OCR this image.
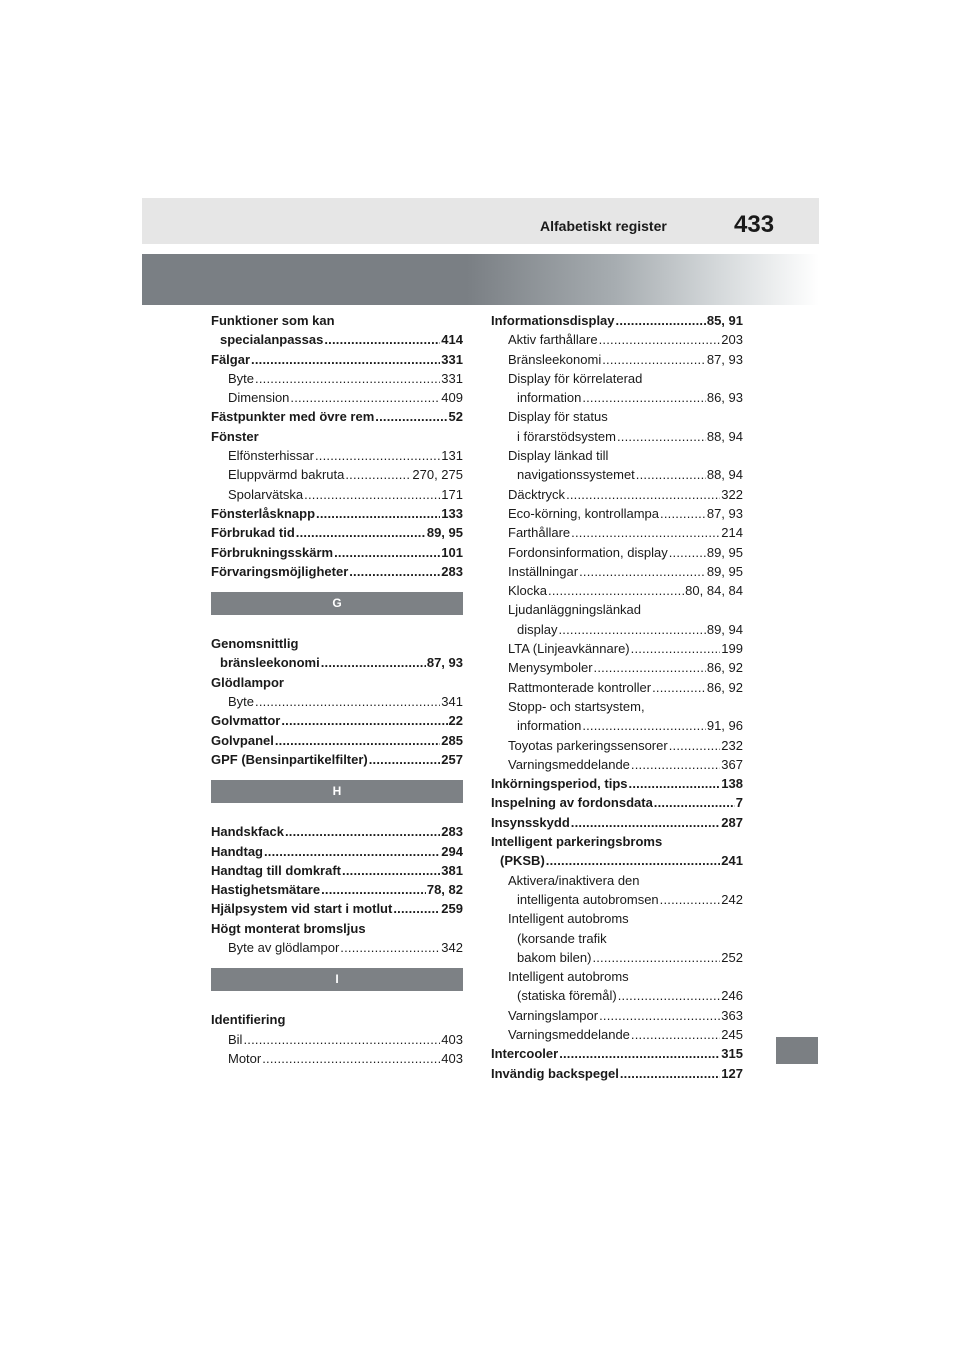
Alfabetiskt register	433
Funktioner som kan
specialanpassas .....	414
Fälgar .....	331
Byte .....	331
Dimension .....	409
Fästpunkter med övre rem .....	52
Fönster
Elfönsterhissar .....	131
Eluppvärmd bakruta .....	270, 275
Spolarvätska .....	171
Fönsterlåsknapp .....	133
Förbrukad tid .....	89, 95
Förbrukningsskärm .....	101
Förvaringsmöjligheter .....	283
G
Genomsnittlig
bränsleekonomi .....	87, 93
Glödlampor
Byte .....	341
Golvmattor .....	22
Golvpanel .....	285
GPF (Bensinpartikelfilter) .....	257
H
Handskfack .....	283
Handtag .....	294
Handtag till domkraft .....	381
Hastighetsmätare .....	78, 82
Hjälpsystem vid start i motlut .....	259
Högt monterat bromsljus
Byte av glödlampor .....	342
I
Identifiering
Bil .....	403
Motor .....	403
Informationsdisplay .....	85, 91
Aktiv farthållare .....	203
Bränsleekonomi .....	87, 93
Display för körrelaterad
information .....	86, 93
Display för status
i förarstödsystem .....	88, 94
Display länkad till
navigationssystemet .....	88, 94
Däcktryck .....	322
Eco-körning, kontrollampa .....	87, 93
Farthållare .....	214
Fordonsinformation, display .....	89, 95
Inställningar .....	89, 95
Klocka .....	80, 84, 84
Ljudanläggningslänkad
display .....	89, 94
LTA (Linjeavkännare) .....	199
Menysymboler .....	86, 92
Rattmonterade kontroller .....	86, 92
Stopp- och startsystem,
information .....	91, 96
Toyotas parkeringssensorer .....	232
Varningsmeddelande .....	367
Inkörningsperiod, tips .....	138
Inspelning av fordonsdata .....	7
Insynsskydd .....	287
Intelligent parkeringsbroms
(PKSB) .....	241
Aktivera/inaktivera den
intelligenta autobromsen .....	242
Intelligent autobroms
(korsande trafik
bakom bilen) .....	252
Intelligent autobroms
(statiska föremål) .....	246
Varningslampor .....	363
Varningsmeddelande .....	245
Intercooler .....	315
Invändig backspegel .....	127
